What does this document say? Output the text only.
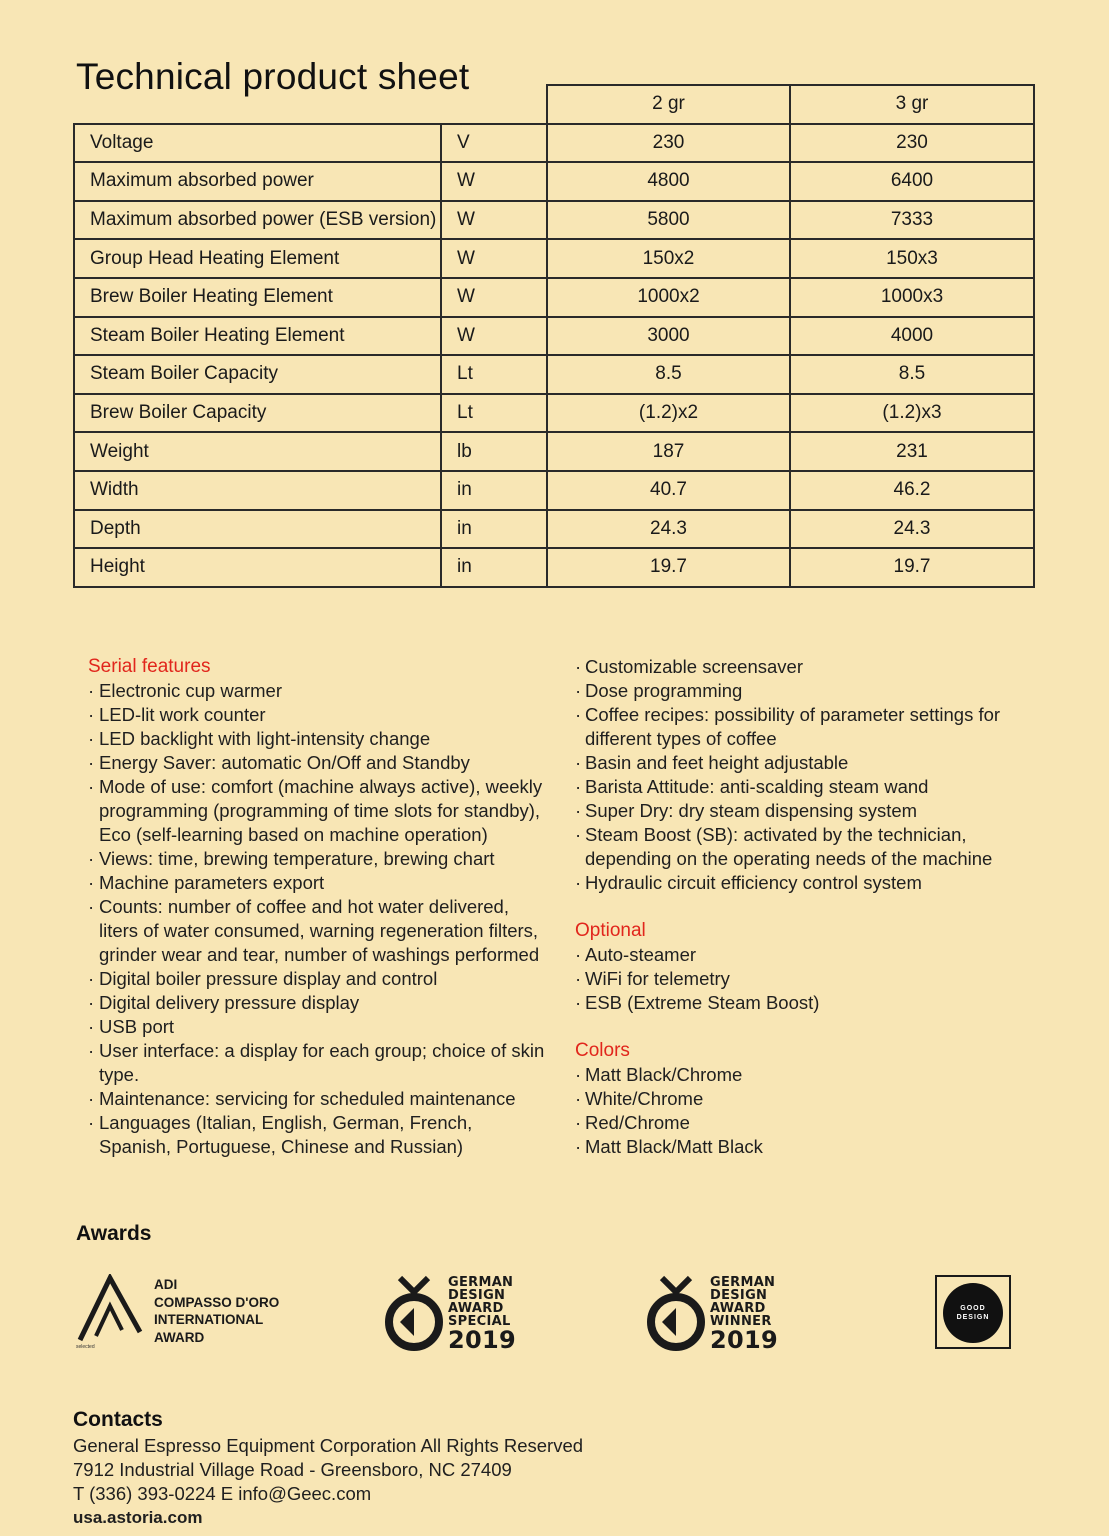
Technical product sheet
		2 gr	3 gr
Voltage	V	230	230
Maximum absorbed power	W	4800	6400
Maximum absorbed power (ESB version)	W	5800	7333
Group Head Heating Element	W	150x2	150x3
Brew Boiler Heating Element	W	1000x2	1000x3
Steam Boiler Heating Element	W	3000	4000
Steam Boiler Capacity	Lt	8.5	8.5
Brew Boiler Capacity	Lt	(1.2)x2	(1.2)x3
Weight	lb	187	231
Width	in	40.7	46.2
Depth	in	24.3	24.3
Height	in	19.7	19.7
Serial features
· Electronic cup warmer
· LED-lit work counter
· LED backlight with light-intensity change
· Energy Saver: automatic On/Off and Standby
· Mode of use: comfort (machine always active), weekly programming (programming of time slots for standby), Eco (self-learning based on machine operation)
· Views: time, brewing temperature, brewing chart
· Machine parameters export
· Counts: number of coffee and hot water delivered, liters of water consumed, warning regeneration filters, grinder wear and tear, number of washings performed
· Digital boiler pressure display and control
· Digital delivery pressure display
· USB port
· User interface: a display for each group; choice of skin type.
· Maintenance: servicing for scheduled maintenance
· Languages (Italian, English, German, French, Spanish, Portuguese, Chinese and Russian)
· Customizable screensaver
· Dose programming
· Coffee recipes: possibility of parameter settings for different types of coffee
· Basin and feet height adjustable
· Barista Attitude: anti-scalding steam wand
· Super Dry: dry steam dispensing system
· Steam Boost (SB): activated by the technician, depending on the operating needs of the machine
· Hydraulic circuit efficiency control system
Optional
· Auto-steamer
· WiFi for telemetry
· ESB (Extreme Steam Boost)
Colors
· Matt Black/Chrome
· White/Chrome
· Red/Chrome
· Matt Black/Matt Black
Awards
ADI
COMPASSO D'ORO
INTERNATIONAL
AWARD
selected
GERMAN
DESIGN
AWARD
SPECIAL
2019
GERMAN
DESIGN
AWARD
WINNER
2019
GOOD
DESIGN
Contacts
General Espresso Equipment Corporation All Rights Reserved
7912 Industrial Village Road - Greensboro, NC 27409
T (336) 393-0224 E info@Geec.com
usa.astoria.com
